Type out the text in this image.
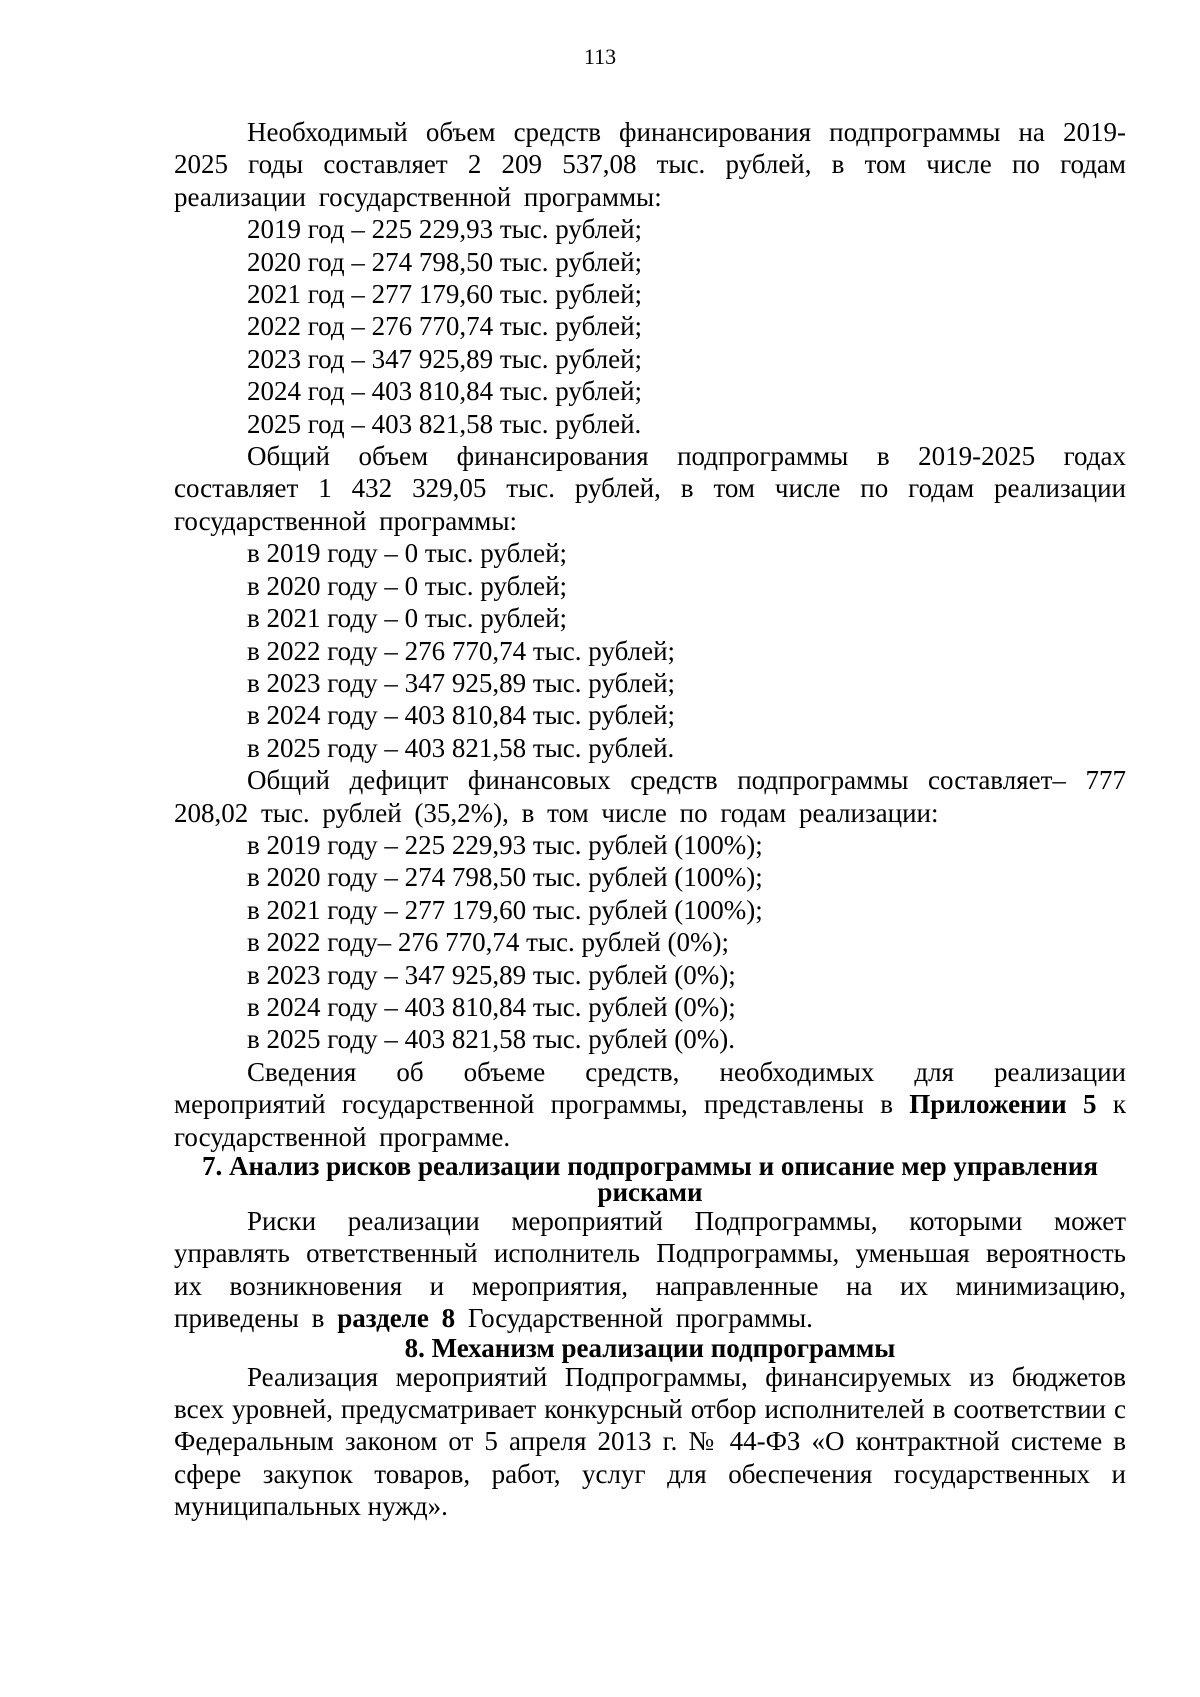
113

Необходимый объем средств финансирования подпрограммы на 2019-2025 годы составляет 2 209 537,08 тыс. рублей, в том числе по годам реализации государственной программы:

2019 год – 225 229,93 тыс. рублей;

2020 год – 274 798,50 тыс. рублей;

2021 год – 277 179,60 тыс. рублей;

2022 год – 276 770,74 тыс. рублей;

2023 год – 347 925,89 тыс. рублей;

2024 год – 403 810,84 тыс. рублей;

2025 год – 403 821,58 тыс. рублей.

Общий объем финансирования подпрограммы в 2019-2025 годах составляет 1 432 329,05 тыс. рублей, в том числе по годам реализации государственной программы:

в 2019 году – 0 тыс. рублей;

в 2020 году – 0 тыс. рублей;

в 2021 году – 0 тыс. рублей;

в 2022 году – 276 770,74 тыс. рублей;

в 2023 году – 347 925,89 тыс. рублей;

в 2024 году – 403 810,84 тыс. рублей;

в 2025 году – 403 821,58 тыс. рублей.

Общий дефицит финансовых средств подпрограммы составляет– 777 208,02 тыс. рублей (35,2%), в том числе по годам реализации:

в 2019 году – 225 229,93 тыс. рублей (100%);

в 2020 году – 274 798,50 тыс. рублей (100%);

в 2021 году – 277 179,60 тыс. рублей (100%);

в 2022 году– 276 770,74 тыс. рублей (0%);

в 2023 году – 347 925,89 тыс. рублей (0%);

в 2024 году – 403 810,84 тыс. рублей (0%);

в 2025 году – 403 821,58 тыс. рублей (0%).

Сведения об объеме средств, необходимых для реализации мероприятий государственной программы, представлены в Приложении 5 к государственной программе.

7. Анализ рисков реализации подпрограммы и описание мер управления рисками

Риски реализации мероприятий Подпрограммы, которыми может управлять ответственный исполнитель Подпрограммы, уменьшая вероятность их возникновения и мероприятия, направленные на их минимизацию, приведены в разделе 8 Государственной программы.

8. Механизм реализации подпрограммы

Реализация мероприятий Подпрограммы, финансируемых из бюджетов всех уровней, предусматривает конкурсный отбор исполнителей в соответствии с Федеральным законом от 5 апреля 2013 г. № 44-ФЗ «О контрактной системе в сфере закупок товаров, работ, услуг для обеспечения государственных и муниципальных нужд».
